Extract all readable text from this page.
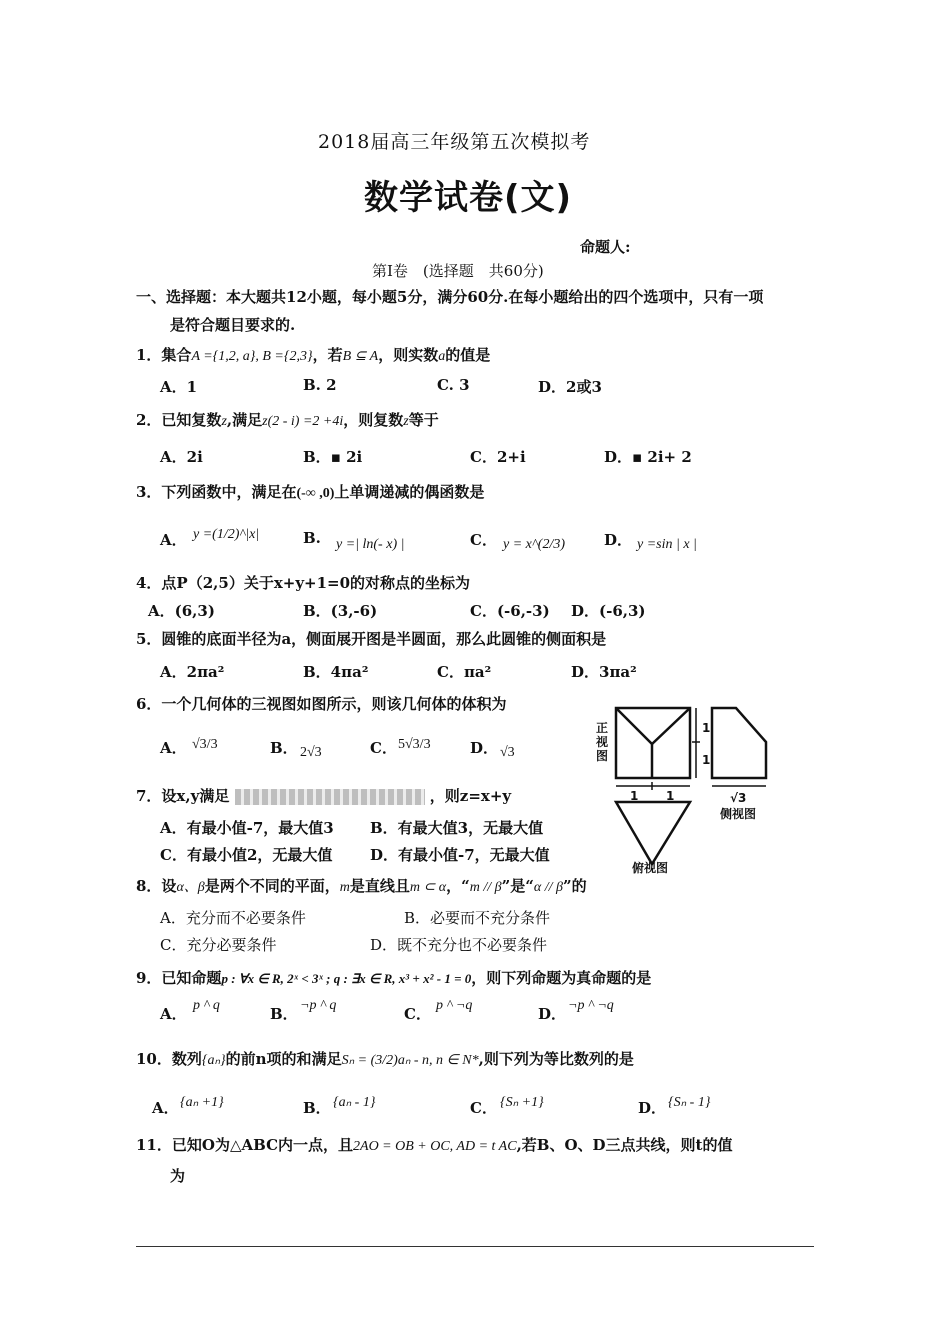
2018届高三年级第五次模拟考
数学试卷(文)
命题人:
第Ⅰ卷　(选择题　共60分)
一、选择题：本大题共12小题，每小题5分，满分60分.在每小题给出的四个选项中，只有一项
是符合题目要求的.
1．集合A ={1,2, a}, B ={2,3}，若B ⊆ A，则实数a的值是
A．1	B. 2	C. 3	D．2或3
2．已知复数z,满足z(2 - i) =2 +4i，则复数z等于
A．2i	B．▪ 2i	C．2+i	D．▪ 2i+ 2
3．下列函数中，满足在(-∞ ,0)上单调递减的偶函数是
A． y =(1/2)^|x|	B. y =| ln(- x) |	C． y = x^(2/3)	D． y =sin | x |
4．点P（2,5）关于x+y+1=0的对称点的坐标为
A．(6,3)	B．(3,-6)	C．(-6,-3) D．(-6,3)
5．圆锥的底面半径为a，侧面展开图是半圆面，那么此圆锥的侧面积是
A．2πa²	B．4πa²	C．πa²	D．3πa²
6．一个几何体的三视图如图所示，则该几何体的体积为
A． √3/3	B． 2√3	C． 5√3/3	D． √3
正
视
图
1
1
1 1	√3
侧视图
俯视图
7．设x,y满足	，则z=x+y
A．有最小值-7，最大值3 B．有最大值3，无最大值
C．有最小值2，无最大值	D．有最小值-7，无最大值
8．设α、β是两个不同的平面，m是直线且m ⊂ α，“m // β”是“α // β”的
A．充分而不必要条件	B．必要而不充分条件
C．充分必要条件	D．既不充分也不必要条件
9．已知命题p : ∀x ∈ R, 2ˣ < 3ˣ ; q : ∃x ∈ R, x³ + x² - 1 = 0，则下列命题为真命题的是
A． p ^ q	B． ¬p ^ q	C． p ^ ¬q	D． ¬p ^ ¬q
10．数列{aₙ}的前n项的和满足Sₙ = (3/2)aₙ - n, n ∈ N*,则下列为等比数列的是
A． {aₙ +1}	B． {aₙ - 1}	C． {Sₙ +1}	D． {Sₙ - 1}
11．已知O为△ABC内一点，且2AO = OB + OC, AD = t AC,若B、O、D三点共线，则t的值
为
